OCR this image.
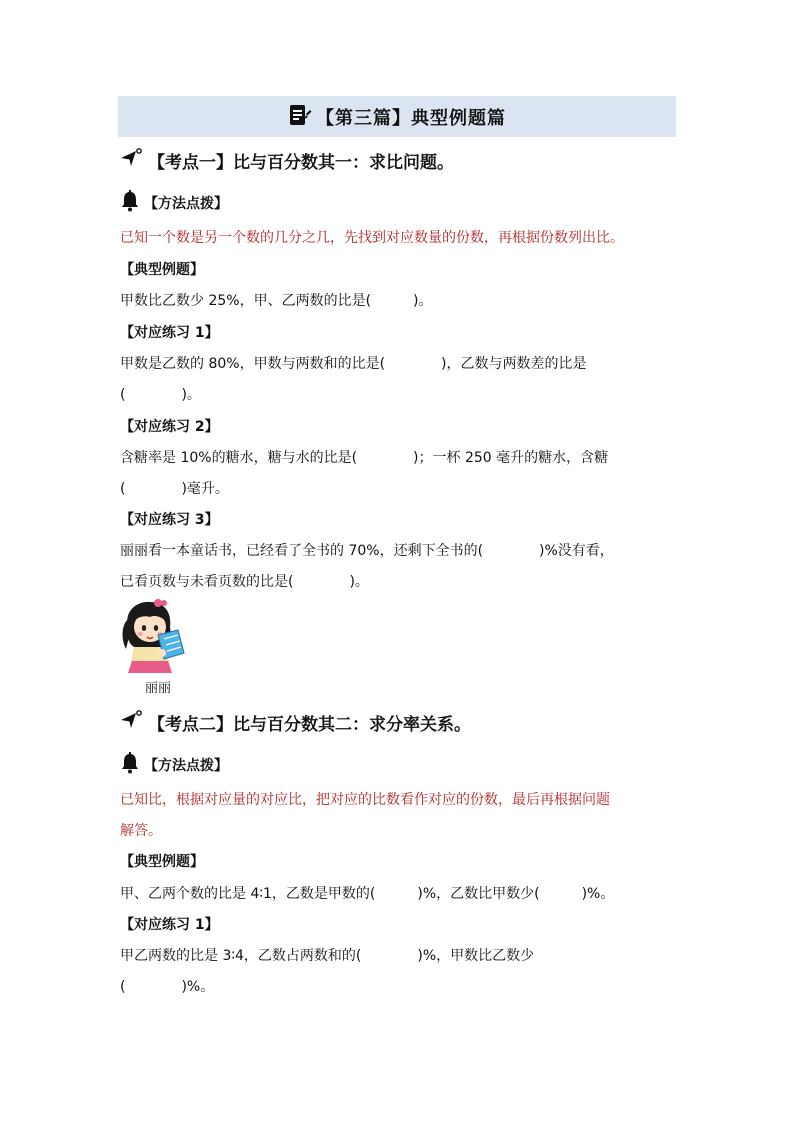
【第三篇】典型例题篇
【考点一】比与百分数其一：求比问题。
【方法点拨】
已知一个数是另一个数的几分之几，先找到对应数量的份数，再根据份数列出比。
【典型例题】
甲数比乙数少 25%，甲、乙两数的比是(　　　)。
【对应练习 1】
甲数是乙数的 80%，甲数与两数和的比是(　　　　)，乙数与两数差的比是
(　　　　)。
【对应练习 2】
含糖率是 10%的糖水，糖与水的比是(　　　　)；一杯 250 毫升的糖水，含糖
(　　　　)毫升。
【对应练习 3】
丽丽看一本童话书，已经看了全书的 70%，还剩下全书的(　　　　)%没有看，
已看页数与未看页数的比是(　　　　)。
丽丽
【考点二】比与百分数其二：求分率关系。
【方法点拨】
已知比，根据对应量的对应比，把对应的比数看作对应的份数，最后再根据问题
解答。
【典型例题】
甲、乙两个数的比是 4∶1，乙数是甲数的(　　　)%，乙数比甲数少(　　　)%。
【对应练习 1】
甲乙两数的比是 3∶4，乙数占两数和的(　　　　)%，甲数比乙数少
(　　　　)%。
